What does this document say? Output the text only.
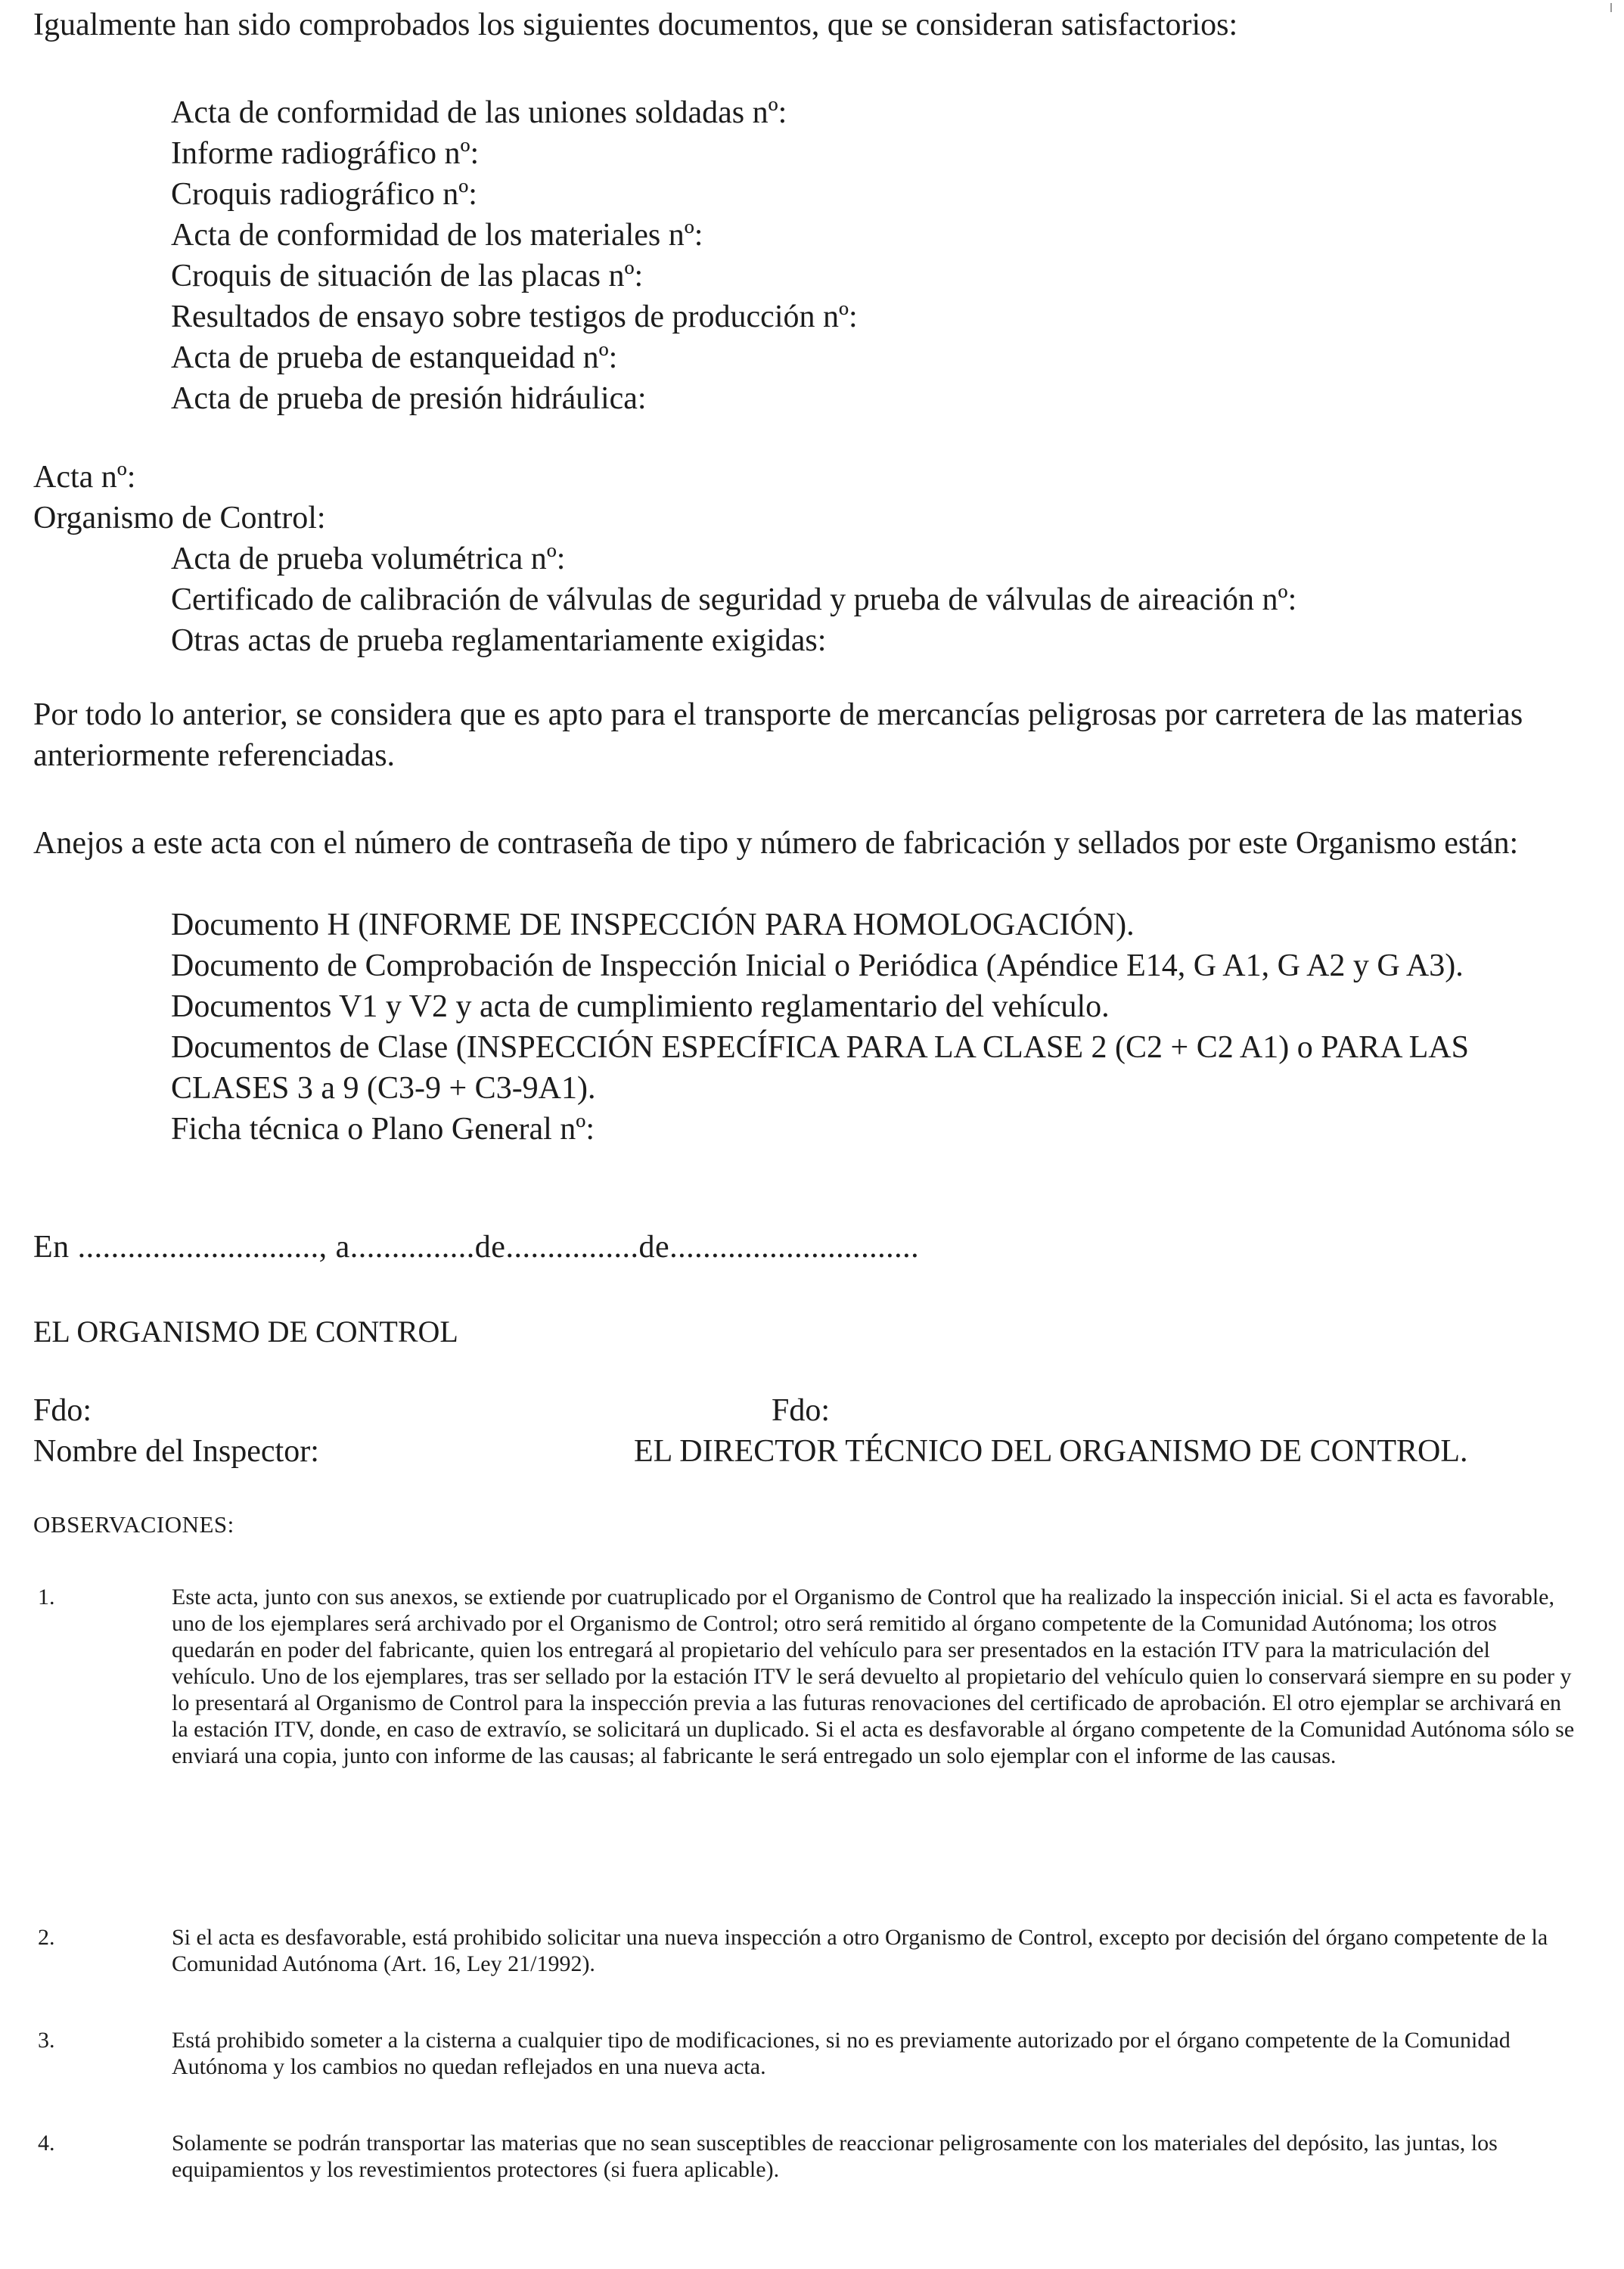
Igualmente han sido comprobados los siguientes documentos, que se consideran satisfactorios:

Acta de conformidad de las uniones soldadas nº:
Informe radiográfico nº:
Croquis radiográfico nº:
Acta de conformidad de los materiales nº:
Croquis de situación de las placas nº:
Resultados de ensayo sobre testigos de producción nº:
Acta de prueba de estanqueidad nº:
Acta de prueba de presión hidráulica:
Acta nº:
Organismo de Control:
Acta de prueba volumétrica nº:
Certificado de calibración de válvulas de seguridad y prueba de válvulas de aireación nº:
Otras actas de prueba reglamentariamente exigidas:

Por todo lo anterior, se considera que es apto para el transporte de mercancías peligrosas por carretera de las materias anteriormente referenciadas.

Anejos a este acta con el número de contraseña de tipo y número de fabricación y sellados por este Organismo están:

Documento H (INFORME DE INSPECCIÓN PARA HOMOLOGACIÓN).
Documento de Comprobación de Inspección Inicial o Periódica (Apéndice E14, G A1, G A2 y G A3).
Documentos V1 y V2 y acta de cumplimiento reglamentario del vehículo.
Documentos de Clase (INSPECCIÓN ESPECÍFICA PARA LA CLASE 2 (C2 + C2 A1) o PARA LAS CLASES 3 a 9 (C3-9 + C3-9A1).
Ficha técnica o Plano General nº:

En ............................., a...............de................de..............................

EL ORGANISMO DE CONTROL

Fdo:
Nombre del Inspector:
Fdo:
EL DIRECTOR TÉCNICO DEL ORGANISMO DE CONTROL.

OBSERVACIONES:

1.	Este acta, junto con sus anexos, se extiende por cuatruplicado por el Organismo de Control que ha realizado la inspección inicial. Si el acta es favorable, uno de los ejemplares será archivado por el Organismo de Control; otro será remitido al órgano competente de la Comunidad Autónoma; los otros quedarán en poder del fabricante, quien los entregará al propietario del vehículo para ser presentados en la estación ITV para la matriculación del vehículo. Uno de los ejemplares, tras ser sellado por la estación ITV le será devuelto al propietario del vehículo quien lo conservará siempre en su poder y lo presentará al Organismo de Control para la inspección previa a las futuras renovaciones del certificado de aprobación. El otro ejemplar se archivará en la estación ITV, donde, en caso de extravío, se solicitará un duplicado. Si el acta es desfavorable al órgano competente de la Comunidad Autónoma sólo se enviará una copia, junto con informe de las causas; al fabricante le será entregado un solo ejemplar con el informe de las causas.

2.	Si el acta es desfavorable, está prohibido solicitar una nueva inspección a otro Organismo de Control, excepto por decisión del órgano competente de la Comunidad Autónoma (Art. 16, Ley 21/1992).

3.	Está prohibido someter a la cisterna a cualquier tipo de modificaciones, si no es previamente autorizado por el órgano competente de la Comunidad Autónoma y los cambios no quedan reflejados en una nueva acta.

4.	Solamente se podrán transportar las materias que no sean susceptibles de reaccionar peligrosamente con los materiales del depósito, las juntas, los equipamientos y los revestimientos protectores (si fuera aplicable).
